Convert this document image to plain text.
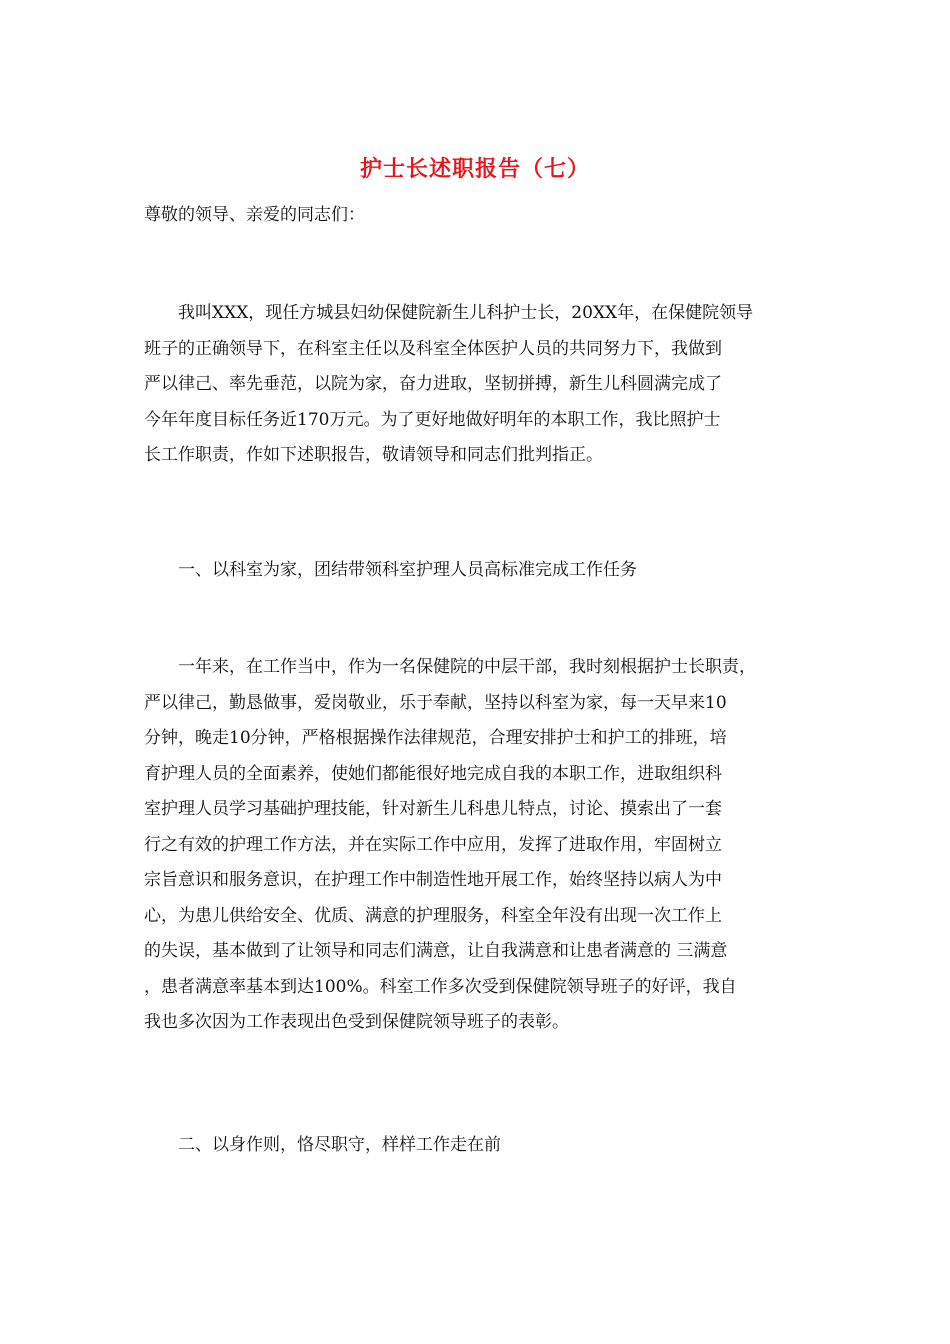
护士长述职报告（七）
尊敬的领导、亲爱的同志们：
我叫XXX，现任方城县妇幼保健院新生儿科护士长，20XX年，在保健院领导
班子的正确领导下，在科室主任以及科室全体医护人员的共同努力下，我做到
严以律己、率先垂范，以院为家，奋力进取，坚韧拼搏，新生儿科圆满完成了
今年年度目标任务近170万元。为了更好地做好明年的本职工作，我比照护士
长工作职责，作如下述职报告，敬请领导和同志们批判指正。
一、以科室为家，团结带领科室护理人员高标准完成工作任务
一年来，在工作当中，作为一名保健院的中层干部，我时刻根据护士长职责，
严以律己，勤恳做事，爱岗敬业，乐于奉献，坚持以科室为家，每一天早来10
分钟，晚走10分钟，严格根据操作法律规范，合理安排护士和护工的排班，培
育护理人员的全面素养，使她们都能很好地完成自我的本职工作，进取组织科
室护理人员学习基础护理技能，针对新生儿科患儿特点，讨论、摸索出了一套
行之有效的护理工作方法，并在实际工作中应用，发挥了进取作用，牢固树立
宗旨意识和服务意识，在护理工作中制造性地开展工作，始终坚持以病人为中
心，为患儿供给安全、优质、满意的护理服务，科室全年没有出现一次工作上
的失误，基本做到了让领导和同志们满意，让自我满意和让患者满意的 三满意
，患者满意率基本到达100%。科室工作多次受到保健院领导班子的好评，我自
我也多次因为工作表现出色受到保健院领导班子的表彰。
二、以身作则，恪尽职守，样样工作走在前
